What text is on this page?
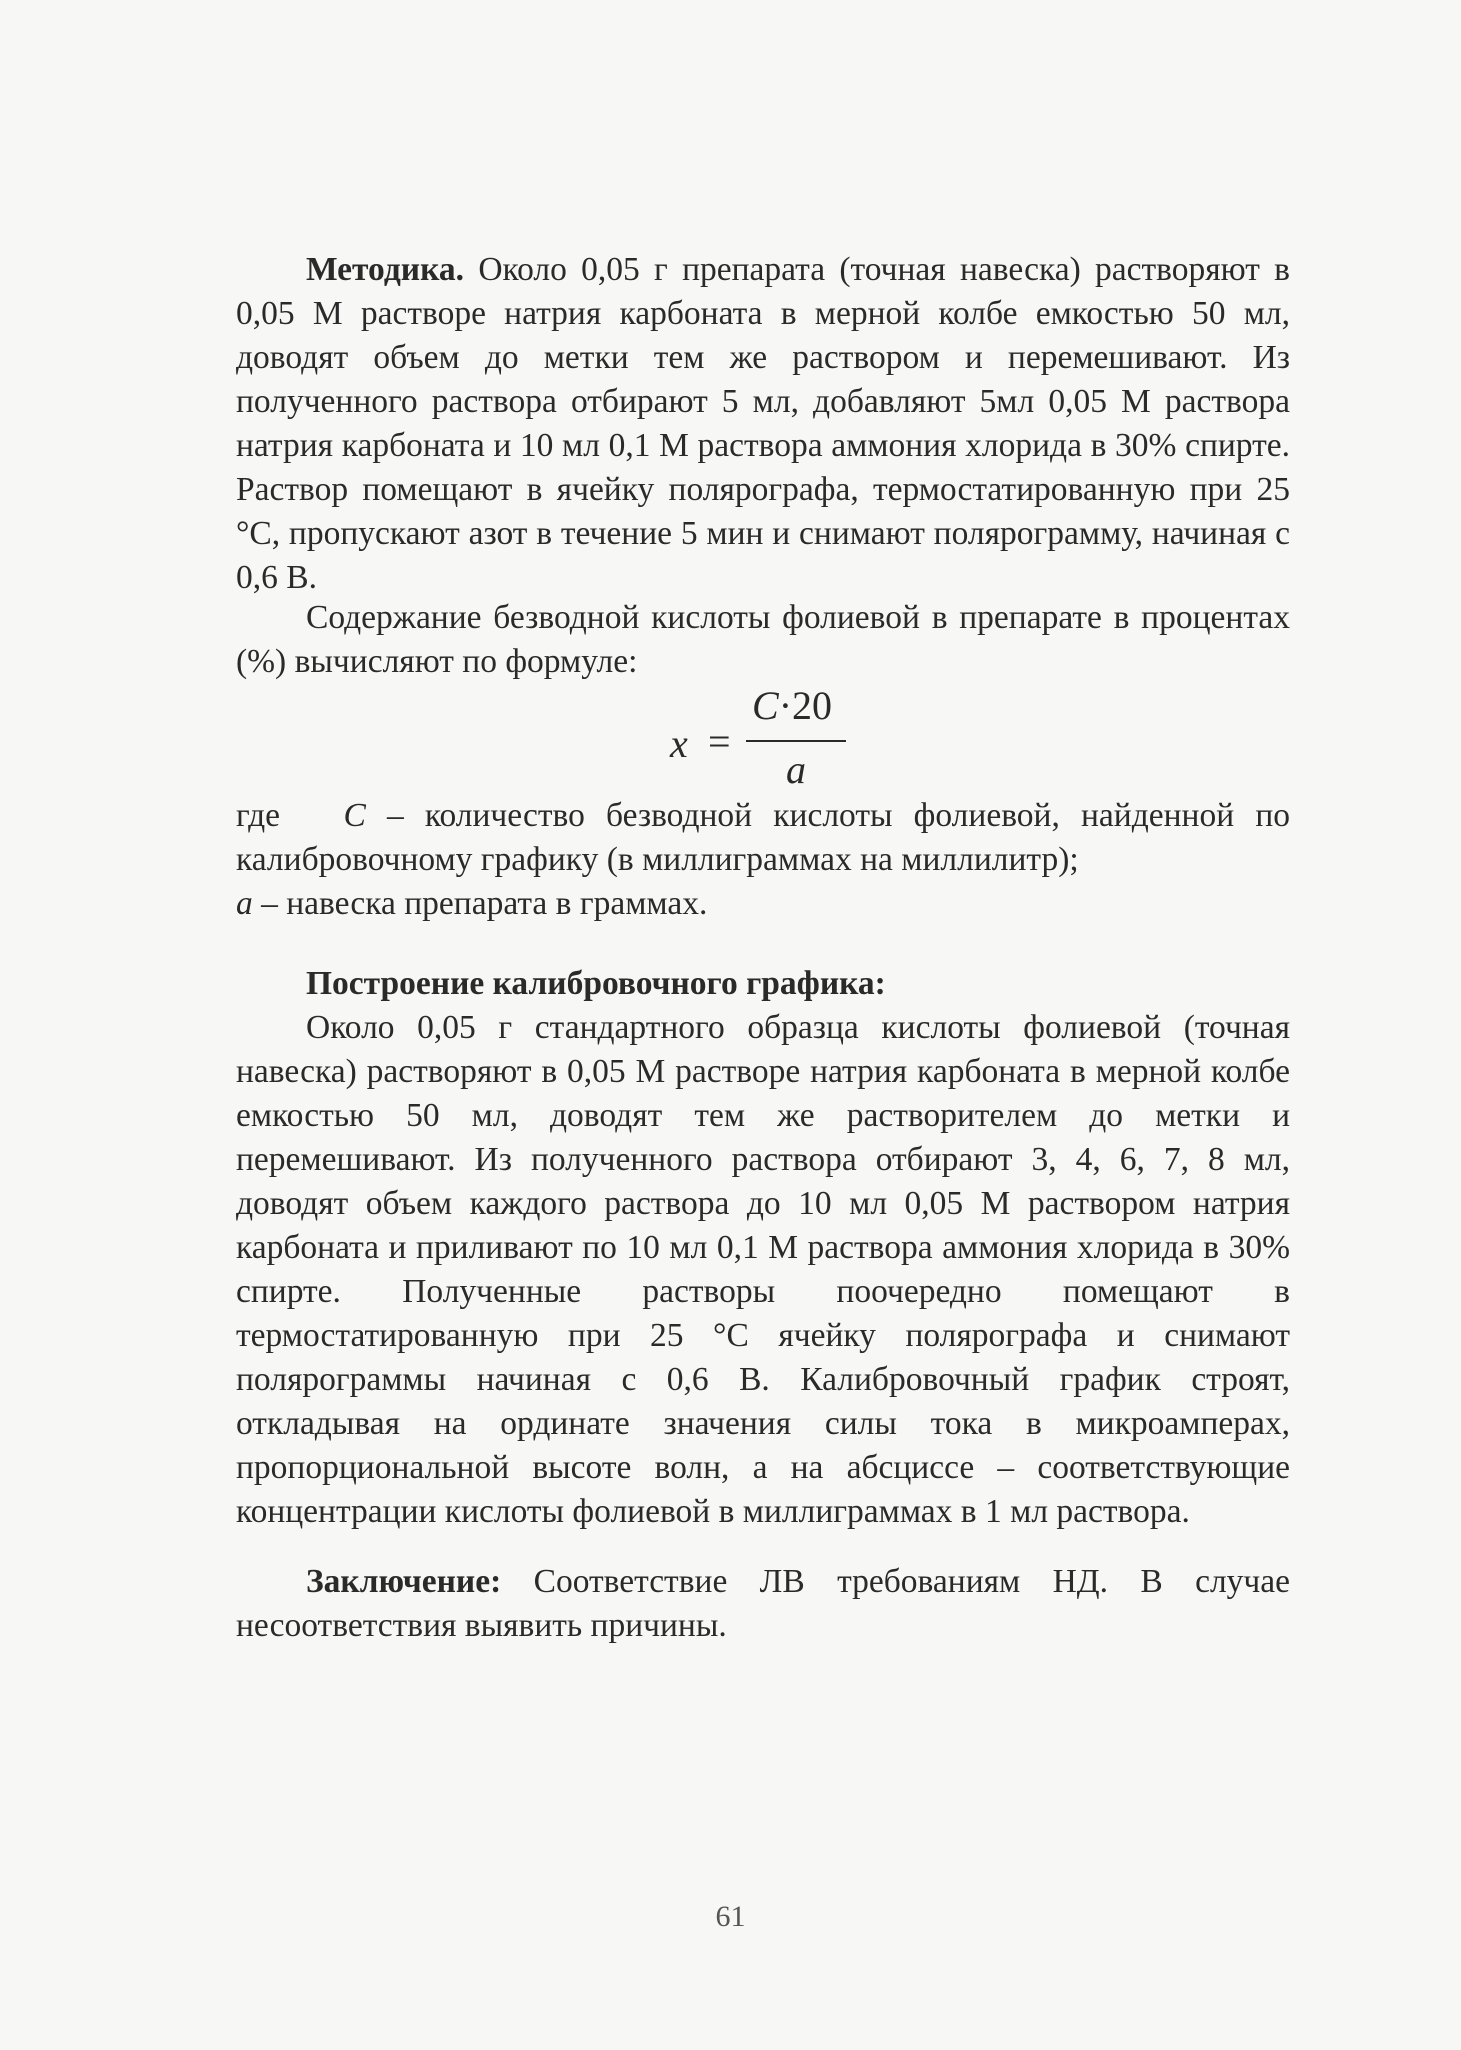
Методика. Около 0,05 г препарата (точная навеска) растворяют в 0,05 М растворе натрия карбоната в мерной колбе емкостью 50 мл, доводят объем до метки тем же раствором и перемешивают. Из полученного раствора отбирают 5 мл, добавляют 5мл 0,05 М раствора натрия карбоната и 10 мл 0,1 М раствора аммония хлорида в 30% спирте. Раствор помещают в ячейку полярографа, термостатированную при 25 °С, пропускают азот в течение 5 мин и снимают полярограмму, начиная с 0,6 В.

Содержание безводной кислоты фолиевой в препарате в процентах (%) вычисляют по формуле:

x =
C·20
a

где C – количество безводной кислоты фолиевой, найденной по калибровочному графику (в миллиграммах на миллилитр);

a – навеска препарата в граммах.

Построение калибровочного графика:

Около 0,05 г стандартного образца кислоты фолиевой (точная навеска) растворяют в 0,05 М растворе натрия карбоната в мерной колбе емкостью 50 мл, доводят тем же растворителем до метки и перемешивают. Из полученного раствора отбирают 3, 4, 6, 7, 8 мл, доводят объем каждого раствора до 10 мл 0,05 М раствором натрия карбоната и приливают по 10 мл 0,1 М раствора аммония хлорида в 30% спирте. Полученные растворы поочередно помещают в термостатированную при 25 °С ячейку полярографа и снимают полярограммы начиная с 0,6 В. Калибровочный график строят, откладывая на ординате значения силы тока в микроамперах, пропорциональной высоте волн, а на абсциссе – соответствующие концентрации кислоты фолиевой в миллиграммах в 1 мл раствора.

Заключение: Соответствие ЛВ требованиям НД. В случае несоответствия выявить причины.

61
